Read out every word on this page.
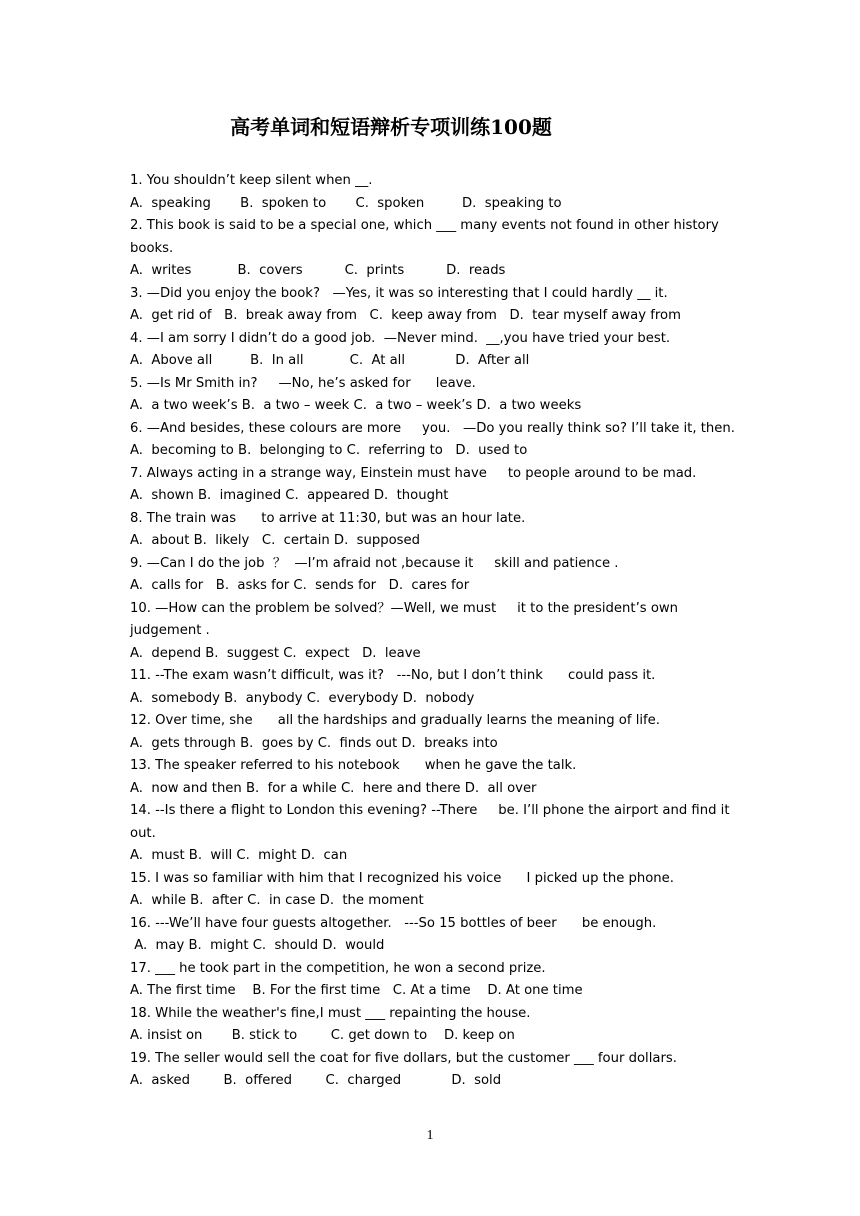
高考单词和短语辩析专项训练100题
1. You shouldn’t keep silent when __.
A.  speaking       B.  spoken to       C.  spoken         D.  speaking to
2. This book is said to be a special one, which ___ many events not found in other history
books.
A.  writes           B.  covers          C.  prints          D.  reads
3. —Did you enjoy the book?   —Yes, it was so interesting that I could hardly __ it.
A.  get rid of   B.  break away from   C.  keep away from   D.  tear myself away from
4. —I am sorry I didn’t do a good job.  —Never mind.  __,you have tried your best.
A.  Above all         B.  In all           C.  At all            D.  After all
5. —Is Mr Smith in?     —No, he’s asked for      leave.
A.  a two week’s B.  a two – week C.  a two – week’s D.  a two weeks
6. —And besides, these colours are more     you.   —Do you really think so? I’ll take it, then.
A.  becoming to B.  belonging to C.  referring to   D.  used to
7. Always acting in a strange way, Einstein must have     to people around to be mad.
A.  shown B.  imagined C.  appeared D.  thought
8. The train was      to arrive at 11:30, but was an hour late.
A.  about B.  likely   C.  certain D.  supposed
9. —Can I do the job  ？  —I’m afraid not ,because it     skill and patience .
A.  calls for   B.  asks for C.  sends for   D.  cares for
10. —How can the problem be solved？—Well, we must     it to the president’s own
judgement .
A.  depend B.  suggest C.  expect   D.  leave
11. --The exam wasn’t difficult, was it?   ---No, but I don’t think      could pass it.
A.  somebody B.  anybody C.  everybody D.  nobody
12. Over time, she      all the hardships and gradually learns the meaning of life.
A.  gets through B.  goes by C.  finds out D.  breaks into
13. The speaker referred to his notebook      when he gave the talk.
A.  now and then B.  for a while C.  here and there D.  all over
14. --Is there a flight to London this evening? --There     be. I’ll phone the airport and find it
out.
A.  must B.  will C.  might D.  can
15. I was so familiar with him that I recognized his voice      I picked up the phone.
A.  while B.  after C.  in case D.  the moment
16. ---We’ll have four guests altogether.   ---So 15 bottles of beer      be enough.
A.  may B.  might C.  should D.  would
17. ___ he took part in the competition, he won a second prize.
A. The first time    B. For the first time   C. At a time    D. At one time
18. While the weather's fine,I must ___ repainting the house.
A. insist on       B. stick to        C. get down to    D. keep on
19. The seller would sell the coat for five dollars, but the customer ___ four dollars.
A.  asked        B.  offered        C.  charged            D.  sold
1
